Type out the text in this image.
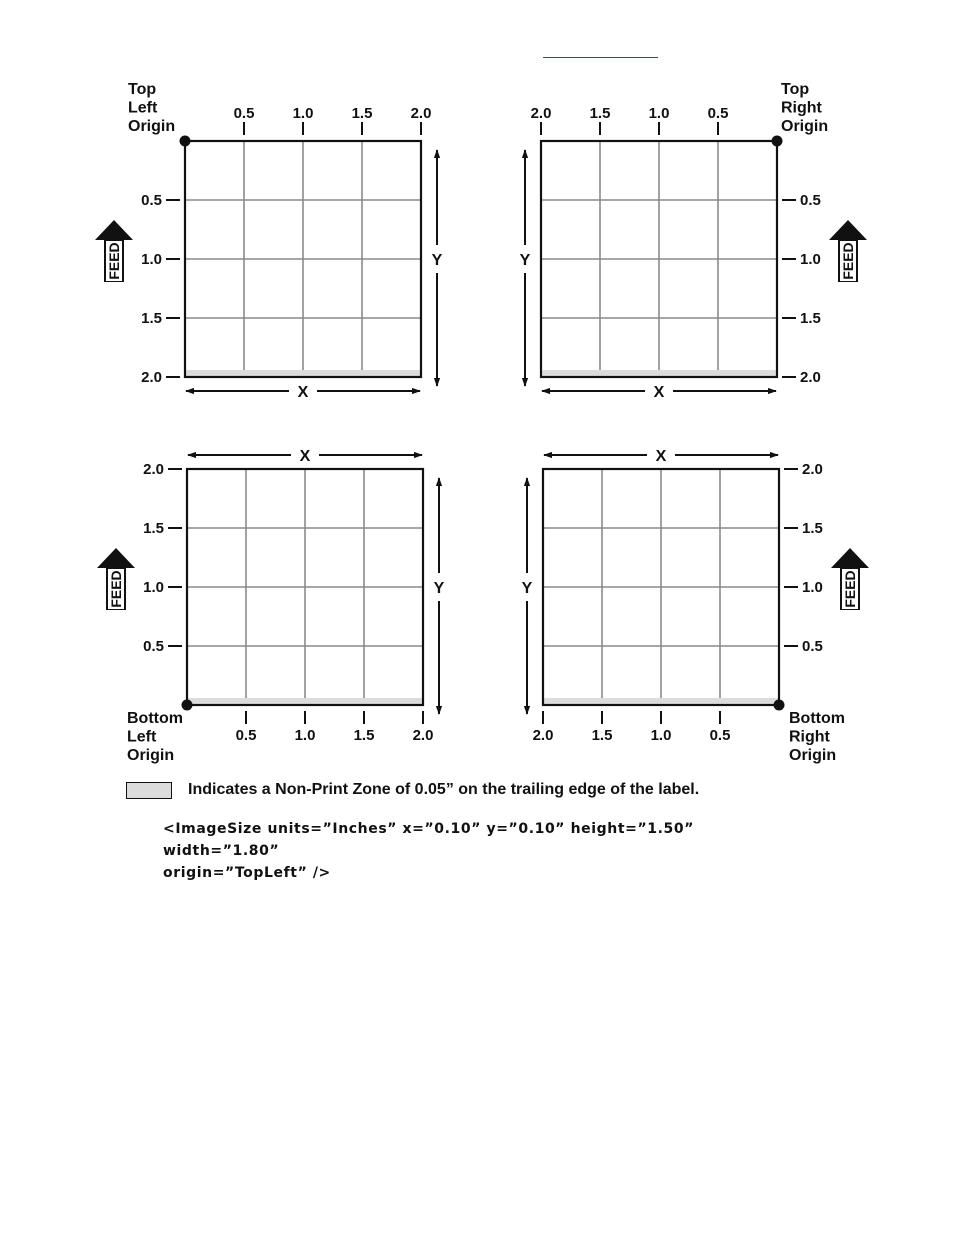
0.5	1.0	1.5	2.0
0.5
1.0
1.5
2.0
X
Y
FEED
Top
Left
Origin
2.0	1.5	1.0	0.5
0.5
1.0
1.5
2.0
X
Y	FEED
Top
Right
Origin
0.5	1.0	1.5	2.0
2.0
1.5
1.0
0.5
X
Y
FEED
Bottom
Left
Origin
2.0	1.5	1.0	0.5
2.0
1.5
1.0
0.5
X
Y	FEED
Bottom
Right
Origin
Indicates a Non-Print Zone of 0.05” on the trailing edge of the label.
<ImageSize units=”Inches” x=”0.10” y=”0.10” height=”1.50” width=”1.80”
origin=”TopLeft” />
